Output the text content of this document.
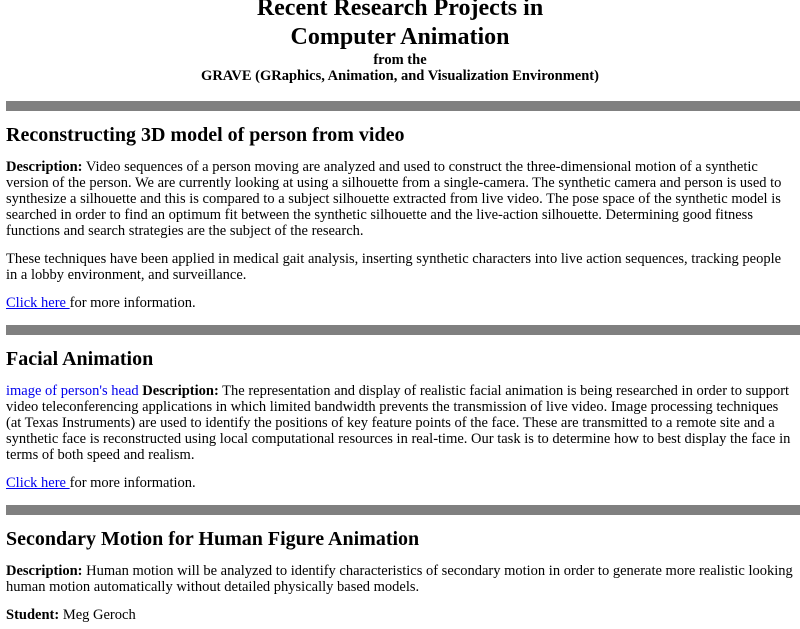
Recent Research Projects in
Computer Animation
from the
GRAVE (GRaphics, Animation, and Visualization Environment)
Reconstructing 3D model of person from video

Description: Video sequences of a person moving are analyzed and used to construct the three-dimensional motion of a synthetic version of the person. We are currently looking at using a silhouette from a single-camera. The synthetic camera and person is used to synthesize a silhouette and this is compared to a subject silhouette extracted from live video. The pose space of the synthetic model is searched in order to find an optimum fit between the synthetic silhouette and the live-action silhouette. Determining good fitness functions and search strategies are the subject of the research.

These techniques have been applied in medical gait analysis, inserting synthetic characters into live action sequences, tracking people in a lobby environment, and surveillance.

Click here for more information.

Facial Animation

image of person's head Description: The representation and display of realistic facial animation is being researched in order to support video teleconferencing applications in which limited bandwidth prevents the transmission of live video. Image processing techniques (at Texas Instruments) are used to identify the positions of key feature points of the face. These are transmitted to a remote site and a synthetic face is reconstructed using local computational resources in real-time. Our task is to determine how to best display the face in terms of both speed and realism.

Click here for more information.

Secondary Motion for Human Figure Animation

Description: Human motion will be analyzed to identify characteristics of secondary motion in order to generate more realistic looking human motion automatically without detailed physically based models.

Student: Meg Geroch
